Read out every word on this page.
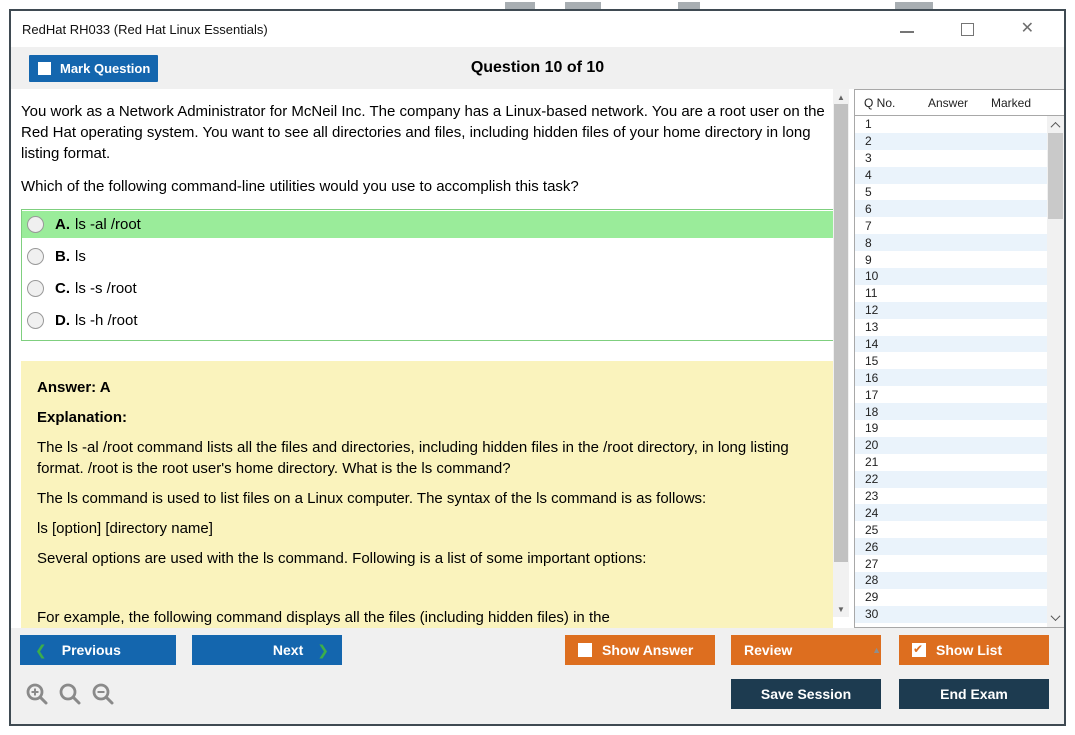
RedHat RH033 (Red Hat Linux Essentials)	✕
Mark Question	Question 10 of 10

You work as a Network Administrator for McNeil Inc. The company has a Linux-based network. You are a root user on the Red Hat operating system. You want to see all directories and files, including hidden files of your home directory in long listing format.

Which of the following command-line utilities would you use to accomplish this task?

A. ls -al /root
B. ls
C. ls -s /root
D. ls -h /root

Answer: A

Explanation:

The ls -al /root command lists all the files and directories, including hidden files in the /root directory, in long listing format. /root is the root user's home directory. What is the ls command?

The ls command is used to list files on a Linux computer. The syntax of the ls command is as follows:

ls [option] [directory name]

Several options are used with the ls command. Following is a list of some important options:

For example, the following command displays all the files (including hidden files) in the

▲
▼
Q No.	Answer	Marked
1
2
3
4
5
6
7
8
9
10
11
12
13
14
15
16
17
18
19
20
21
22
23
24
25
26
27
28
29
30
❮ Previous	Next ❯	Show Answer	Review	▲	✔ Show List
Save Session	End Exam
